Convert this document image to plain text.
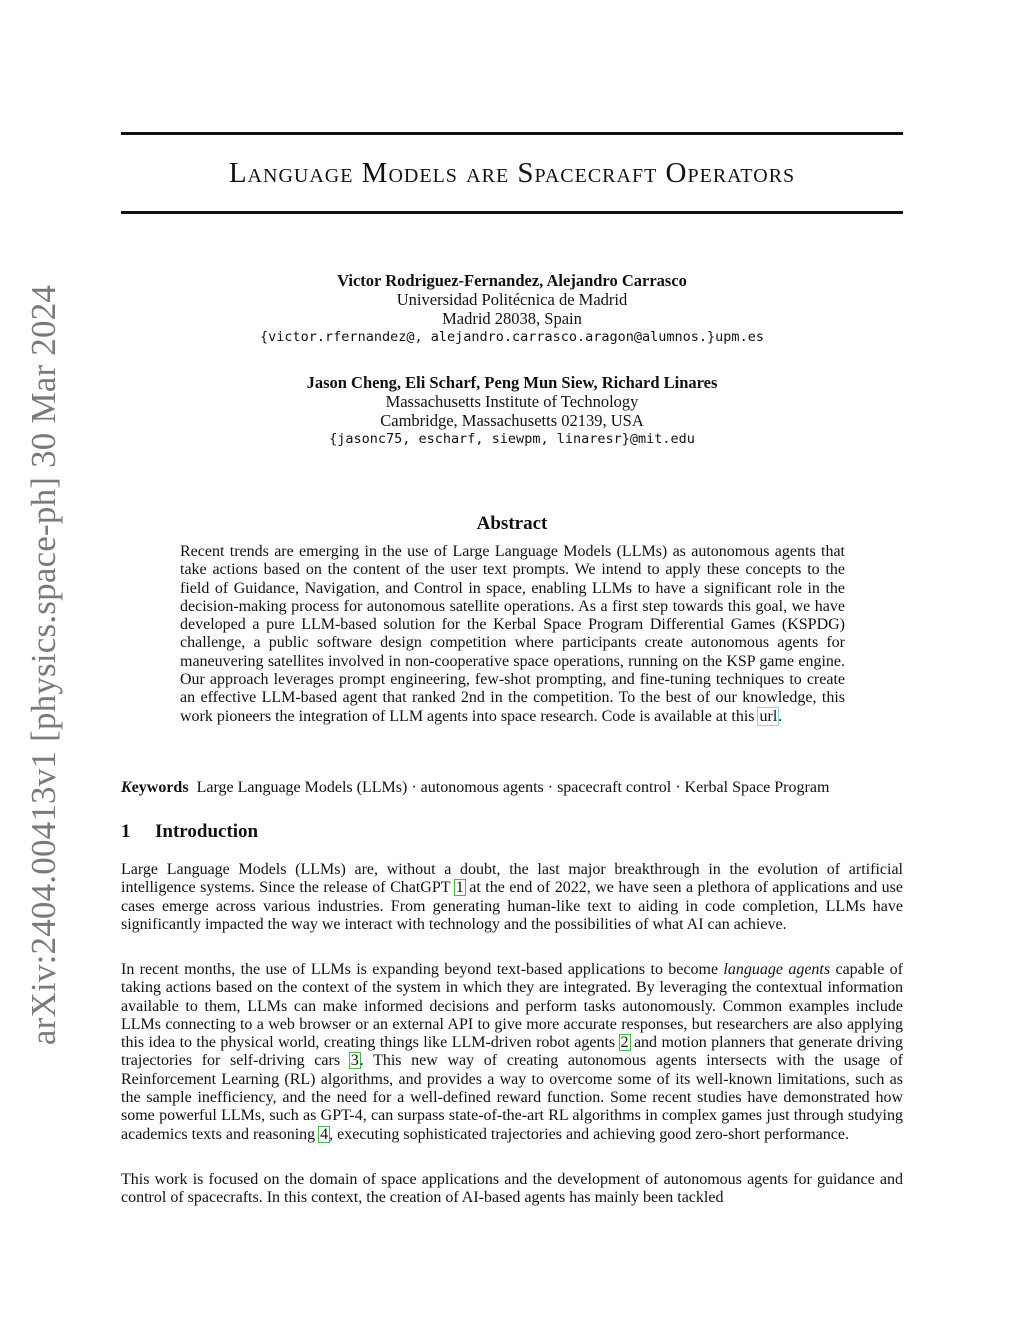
arXiv:2404.00413v1 [physics.space-ph] 30 Mar 2024
Language Models are Spacecraft Operators
Victor Rodriguez-Fernandez, Alejandro Carrasco
Universidad Politécnica de Madrid
Madrid 28038, Spain
{victor.rfernandez@, alejandro.carrasco.aragon@alumnos.}upm.es
Jason Cheng, Eli Scharf, Peng Mun Siew, Richard Linares
Massachusetts Institute of Technology
Cambridge, Massachusetts 02139, USA
{jasonc75, escharf, siewpm, linaresr}@mit.edu
Abstract
Recent trends are emerging in the use of Large Language Models (LLMs) as autonomous agents that take actions based on the content of the user text prompts. We intend to apply these concepts to the field of Guidance, Navigation, and Control in space, enabling LLMs to have a significant role in the decision-making process for autonomous satellite operations. As a first step towards this goal, we have developed a pure LLM-based solution for the Kerbal Space Program Differential Games (KSPDG) challenge, a public software design competition where participants create autonomous agents for maneuvering satellites involved in non-cooperative space operations, running on the KSP game engine. Our approach leverages prompt engineering, few-shot prompting, and fine-tuning techniques to create an effective LLM-based agent that ranked 2nd in the competition. To the best of our knowledge, this work pioneers the integration of LLM agents into space research. Code is available at this url.
Keywords Large Language Models (LLMs) · autonomous agents · spacecraft control · Kerbal Space Program
1 Introduction
Large Language Models (LLMs) are, without a doubt, the last major breakthrough in the evolution of artificial intelligence systems. Since the release of ChatGPT 1 at the end of 2022, we have seen a plethora of applications and use cases emerge across various industries. From generating human-like text to aiding in code completion, LLMs have significantly impacted the way we interact with technology and the possibilities of what AI can achieve.
In recent months, the use of LLMs is expanding beyond text-based applications to become language agents capable of taking actions based on the context of the system in which they are integrated. By leveraging the contextual information available to them, LLMs can make informed decisions and perform tasks autonomously. Common examples include LLMs connecting to a web browser or an external API to give more accurate responses, but researchers are also applying this idea to the physical world, creating things like LLM-driven robot agents 2 and motion planners that generate driving trajectories for self-driving cars 3. This new way of creating autonomous agents intersects with the usage of Reinforcement Learning (RL) algorithms, and provides a way to overcome some of its well-known limitations, such as the sample inefficiency, and the need for a well-defined reward function. Some recent studies have demonstrated how some powerful LLMs, such as GPT-4, can surpass state-of-the-art RL algorithms in complex games just through studying academics texts and reasoning 4, executing sophisticated trajectories and achieving good zero-short performance.
This work is focused on the domain of space applications and the development of autonomous agents for guidance and control of spacecrafts. In this context, the creation of AI-based agents has mainly been tackled
